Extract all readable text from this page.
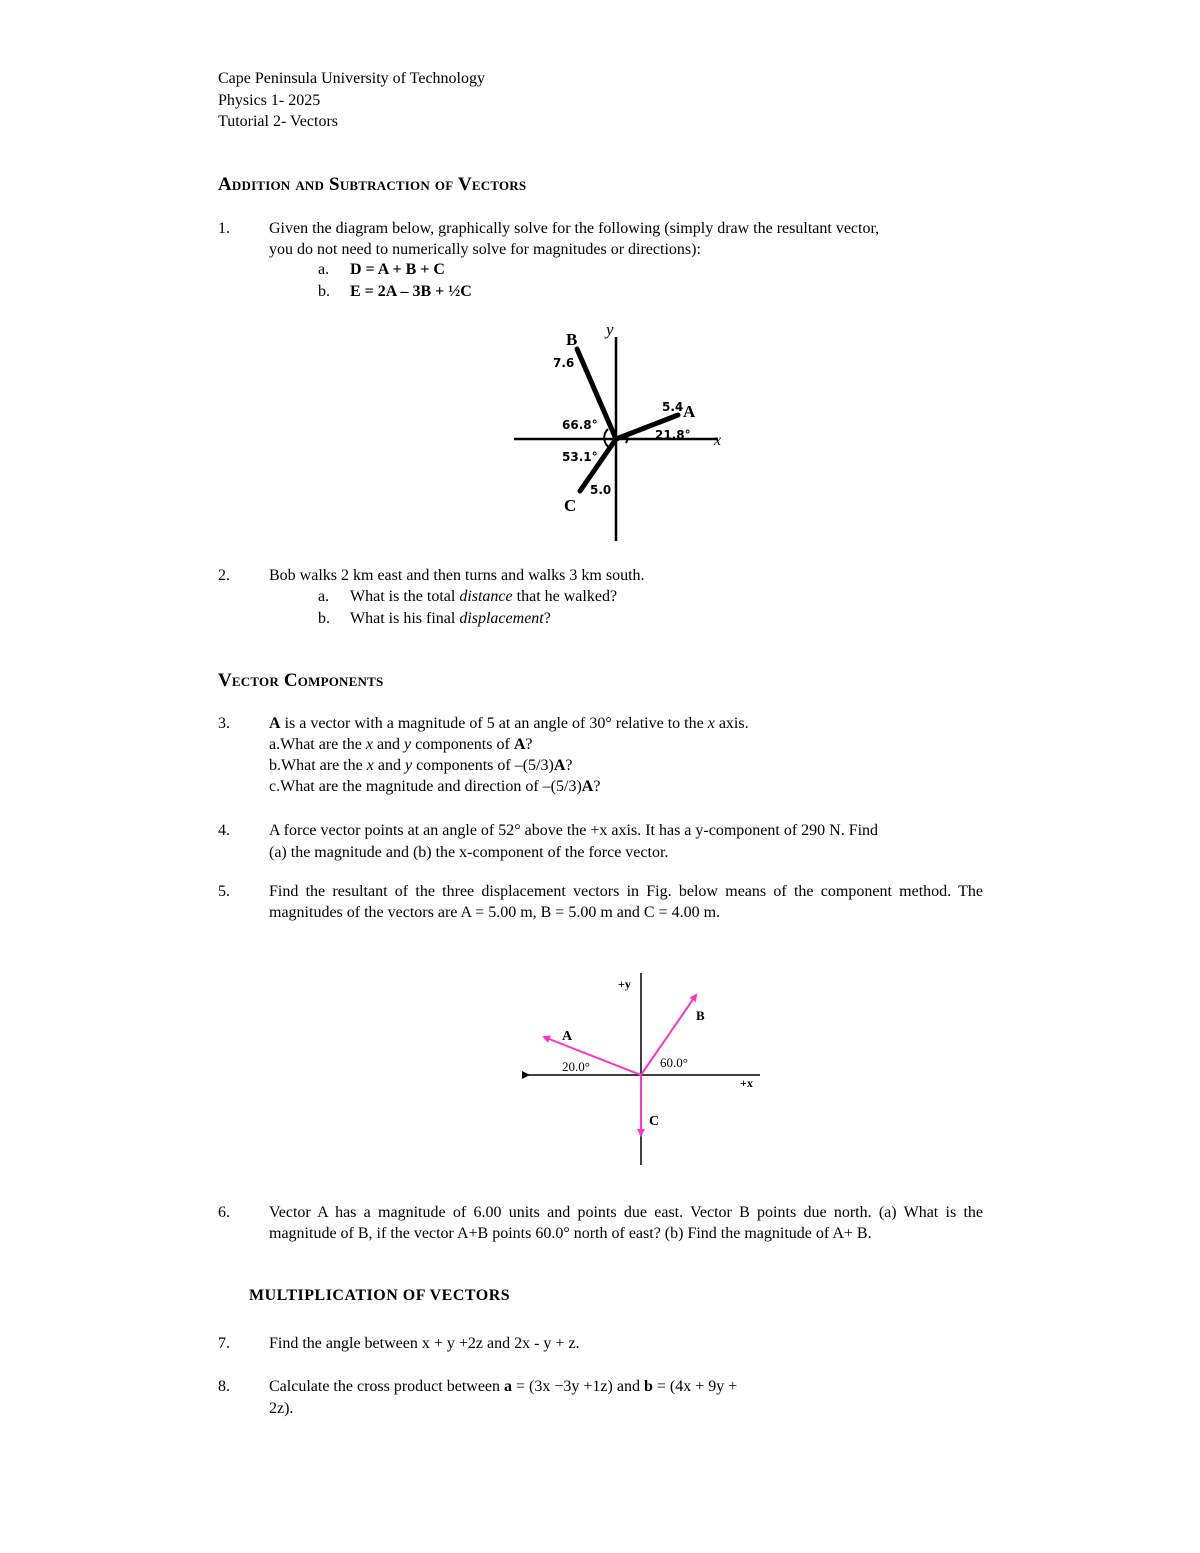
Cape Peninsula University of Technology
Physics 1- 2025
Tutorial 2- Vectors
Addition and Subtraction of Vectors
1. Given the diagram below, graphically solve for the following (simply draw the resultant vector,
you do not need to numerically solve for magnitudes or directions):
a. D = A + B + C
b. E = 2A – 3B + ½C
B
y
7.6
5.4 A
66.8°
21.8° x
53.1°
5.0
C
2. Bob walks 2 km east and then turns and walks 3 km south.
a. What is the total distance that he walked?
b. What is his final displacement?
Vector Components
3. A is a vector with a magnitude of 5 at an angle of 30° relative to the x axis.
a.What are the x and y components of A?
b.What are the x and y components of –(5/3)A?
c.What are the magnitude and direction of –(5/3)A?
4. A force vector points at an angle of 52° above the +x axis. It has a y-component of 290 N. Find
(a) the magnitude and (b) the x-component of the force vector.
5. Find the resultant of the three displacement vectors in Fig. below means of the component method. The magnitudes of the vectors are A = 5.00 m, B = 5.00 m and C = 4.00 m.
+y
B
A
20.0°	60.0°
+x
C
6. Vector A has a magnitude of 6.00 units and points due east. Vector B points due north. (a) What is the magnitude of B, if the vector A+B points 60.0° north of east? (b) Find the magnitude of A+ B.
MULTIPLICATION OF VECTORS
7. Find the angle between x + y +2z and 2x - y + z.
8. Calculate the cross product between a = (3x −3y +1z) and b = (4x + 9y +
2z).
